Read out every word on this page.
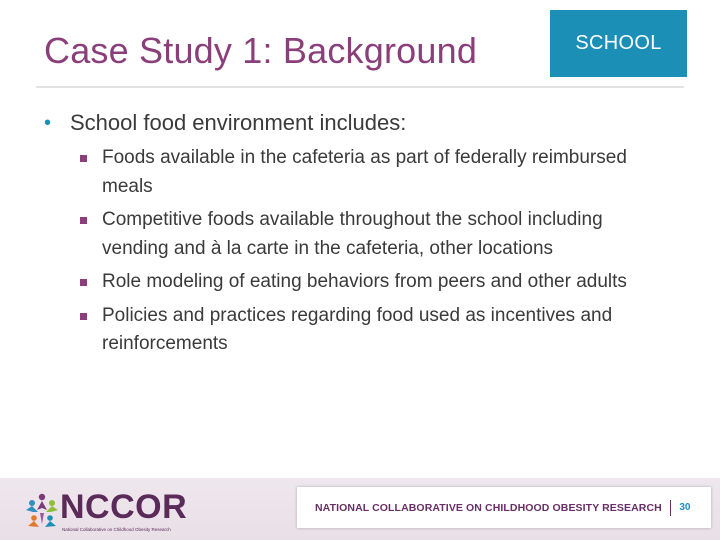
Case Study 1: Background	SCHOOL
• School food environment includes:
Foods available in the cafeteria as part of federally reimbursed meals
Competitive foods available throughout the school including vending and à la carte in the cafeteria, other locations
Role modeling of eating behaviors from peers and other adults
Policies and practices regarding food used as incentives and reinforcements
NCCOR
National Collaborative on Childhood Obesity Research
NATIONAL COLLABORATIVE ON CHILDHOOD OBESITY RESEARCH 30
